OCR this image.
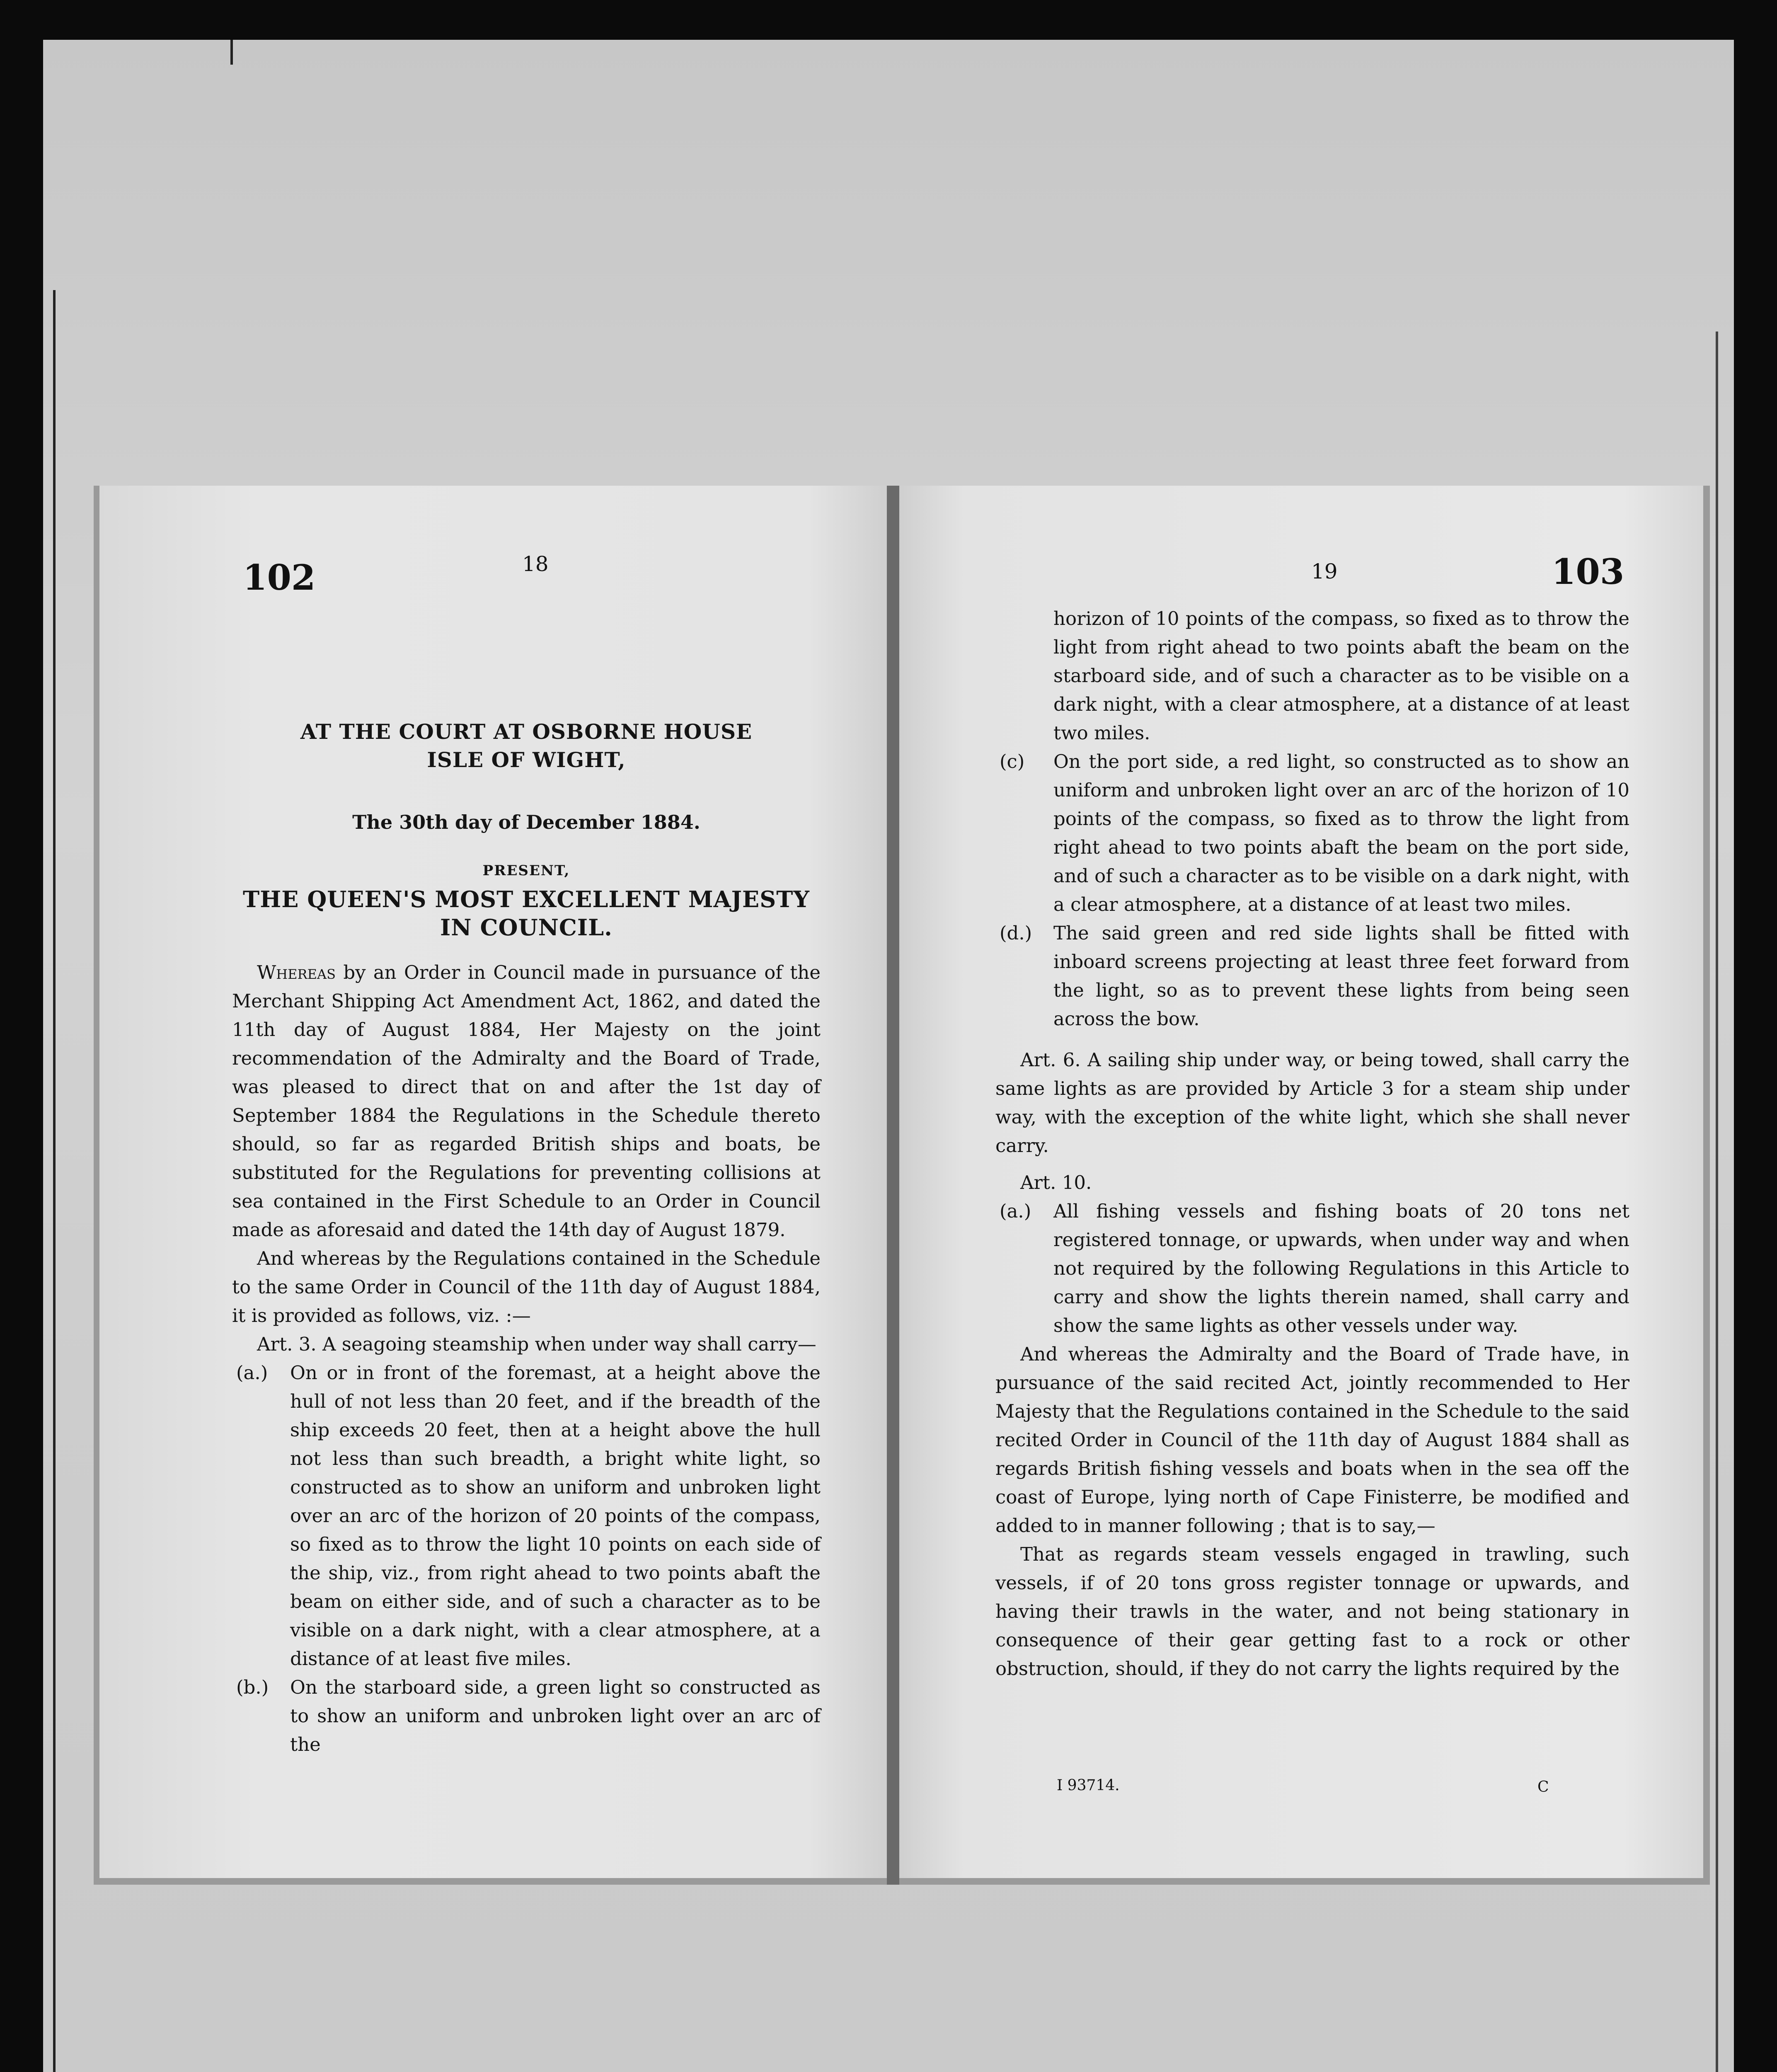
102	18

AT THE COURT AT OSBORNE HOUSE

ISLE OF WIGHT,

The 30th day of December 1884.

PRESENT,

THE QUEEN'S MOST EXCELLENT MAJESTY

IN COUNCIL.

Whereas by an Order in Council made in pursuance of the Merchant Shipping Act Amendment Act, 1862, and dated the 11th day of August 1884, Her Majesty on the joint recommendation of the Admiralty and the Board of Trade, was pleased to direct that on and after the 1st day of September 1884 the Regulations in the Schedule thereto should, so far as regarded British ships and boats, be substituted for the Regulations for preventing collisions at sea contained in the First Schedule to an Order in Council made as aforesaid and dated the 14th day of August 1879.

And whereas by the Regulations contained in the Schedule to the same Order in Council of the 11th day of August 1884, it is provided as follows, viz. :—

Art. 3. A seagoing steamship when under way shall carry—

(a.)	On or in front of the foremast, at a height above the hull of not less than 20 feet, and if the breadth of the ship exceeds 20 feet, then at a height above the hull not less than such breadth, a bright white light, so constructed as to show an uniform and unbroken light over an arc of the horizon of 20 points of the compass, so fixed as to throw the light 10 points on each side of the ship, viz., from right ahead to two points abaft the beam on either side, and of such a character as to be visible on a dark night, with a clear atmosphere, at a distance of at least five miles.
(b.)	On the starboard side, a green light so constructed as to show an uniform and unbroken light over an arc of the
19	103
horizon of 10 points of the compass, so fixed as to throw the light from right ahead to two points abaft the beam on the starboard side, and of such a character as to be visible on a dark night, with a clear atmosphere, at a distance of at least two miles.
(c)	On the port side, a red light, so constructed as to show an uniform and unbroken light over an arc of the horizon of 10 points of the compass, so fixed as to throw the light from right ahead to two points abaft the beam on the port side, and of such a character as to be visible on a dark night, with a clear atmosphere, at a distance of at least two miles.
(d.)	The said green and red side lights shall be fitted with inboard screens projecting at least three feet forward from the light, so as to prevent these lights from being seen across the bow.

Art. 6. A sailing ship under way, or being towed, shall carry the same lights as are provided by Article 3 for a steam ship under way, with the exception of the white light, which she shall never carry.

Art. 10.

(a.)	All fishing vessels and fishing boats of 20 tons net registered tonnage, or upwards, when under way and when not required by the following Regulations in this Article to carry and show the lights therein named, shall carry and show the same lights as other vessels under way.

And whereas the Admiralty and the Board of Trade have, in pursuance of the said recited Act, jointly recommended to Her Majesty that the Regulations contained in the Schedule to the said recited Order in Council of the 11th day of August 1884 shall as regards British fishing vessels and boats when in the sea off the coast of Europe, lying north of Cape Finisterre, be modified and added to in manner following ; that is to say,—

That as regards steam vessels engaged in trawling, such vessels, if of 20 tons gross register tonnage or upwards, and having their trawls in the water, and not being stationary in consequence of their gear getting fast to a rock or other obstruction, should, if they do not carry the lights required by the

I 93714.	C
